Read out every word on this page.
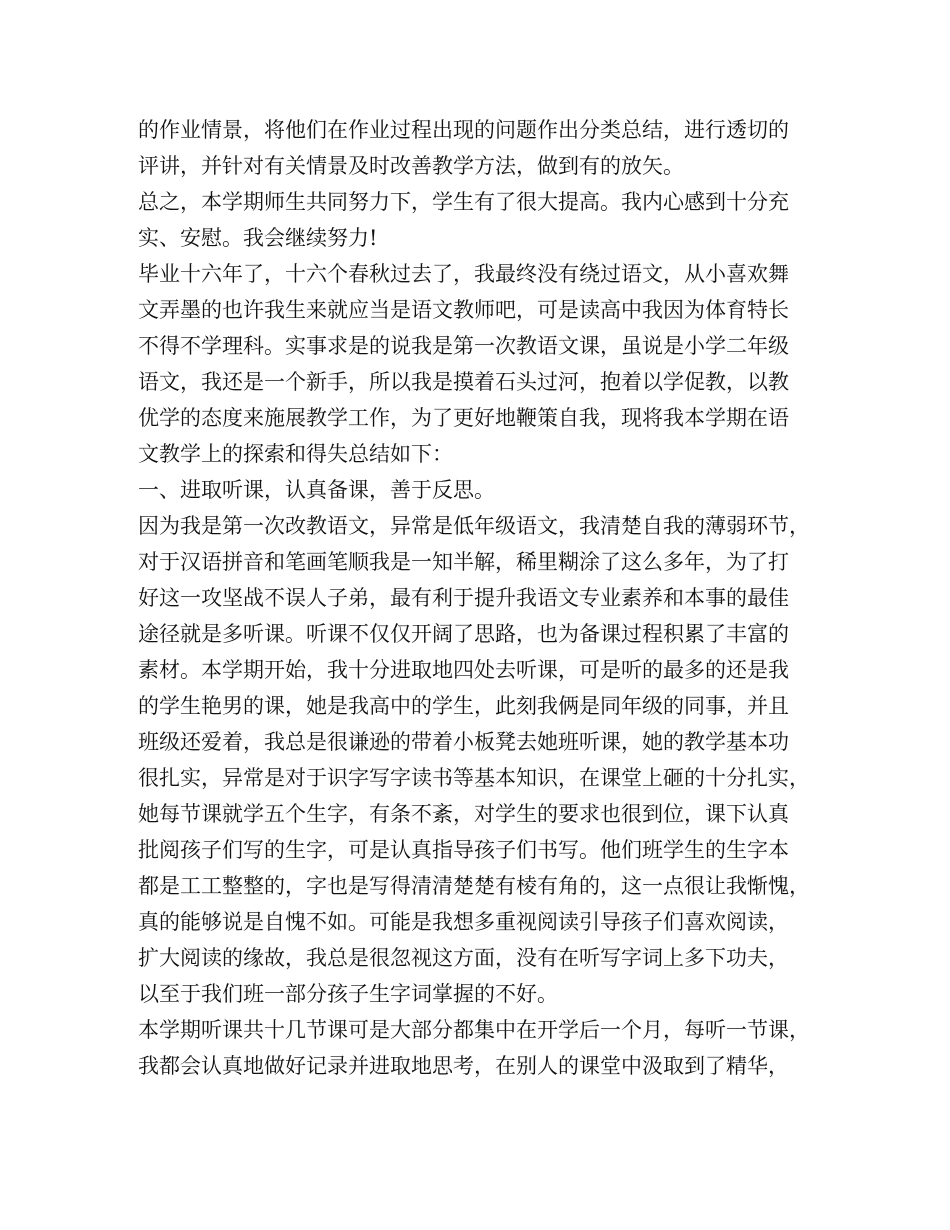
的作业情景，将他们在作业过程出现的问题作出分类总结，进行透切的
评讲，并针对有关情景及时改善教学方法，做到有的放矢。
总之，本学期师生共同努力下，学生有了很大提高。我内心感到十分充
实、安慰。我会继续努力!
毕业十六年了，十六个春秋过去了，我最终没有绕过语文，从小喜欢舞
文弄墨的也许我生来就应当是语文教师吧，可是读高中我因为体育特长
不得不学理科。实事求是的说我是第一次教语文课，虽说是小学二年级
语文，我还是一个新手，所以我是摸着石头过河，抱着以学促教，以教
优学的态度来施展教学工作，为了更好地鞭策自我，现将我本学期在语
文教学上的探索和得失总结如下：
一、进取听课，认真备课，善于反思。
因为我是第一次改教语文，异常是低年级语文，我清楚自我的薄弱环节，
对于汉语拼音和笔画笔顺我是一知半解，稀里糊涂了这么多年，为了打
好这一攻坚战不误人子弟，最有利于提升我语文专业素养和本事的最佳
途径就是多听课。听课不仅仅开阔了思路，也为备课过程积累了丰富的
素材。本学期开始，我十分进取地四处去听课，可是听的最多的还是我
的学生艳男的课，她是我高中的学生，此刻我俩是同年级的同事，并且
班级还爱着，我总是很谦逊的带着小板凳去她班听课，她的教学基本功
很扎实，异常是对于识字写字读书等基本知识，在课堂上砸的十分扎实，
她每节课就学五个生字，有条不紊，对学生的要求也很到位，课下认真
批阅孩子们写的生字，可是认真指导孩子们书写。他们班学生的生字本
都是工工整整的，字也是写得清清楚楚有棱有角的，这一点很让我惭愧，
真的能够说是自愧不如。可能是我想多重视阅读引导孩子们喜欢阅读，
扩大阅读的缘故，我总是很忽视这方面，没有在听写字词上多下功夫，
以至于我们班一部分孩子生字词掌握的不好。
本学期听课共十几节课可是大部分都集中在开学后一个月，每听一节课，
我都会认真地做好记录并进取地思考，在别人的课堂中汲取到了精华，
